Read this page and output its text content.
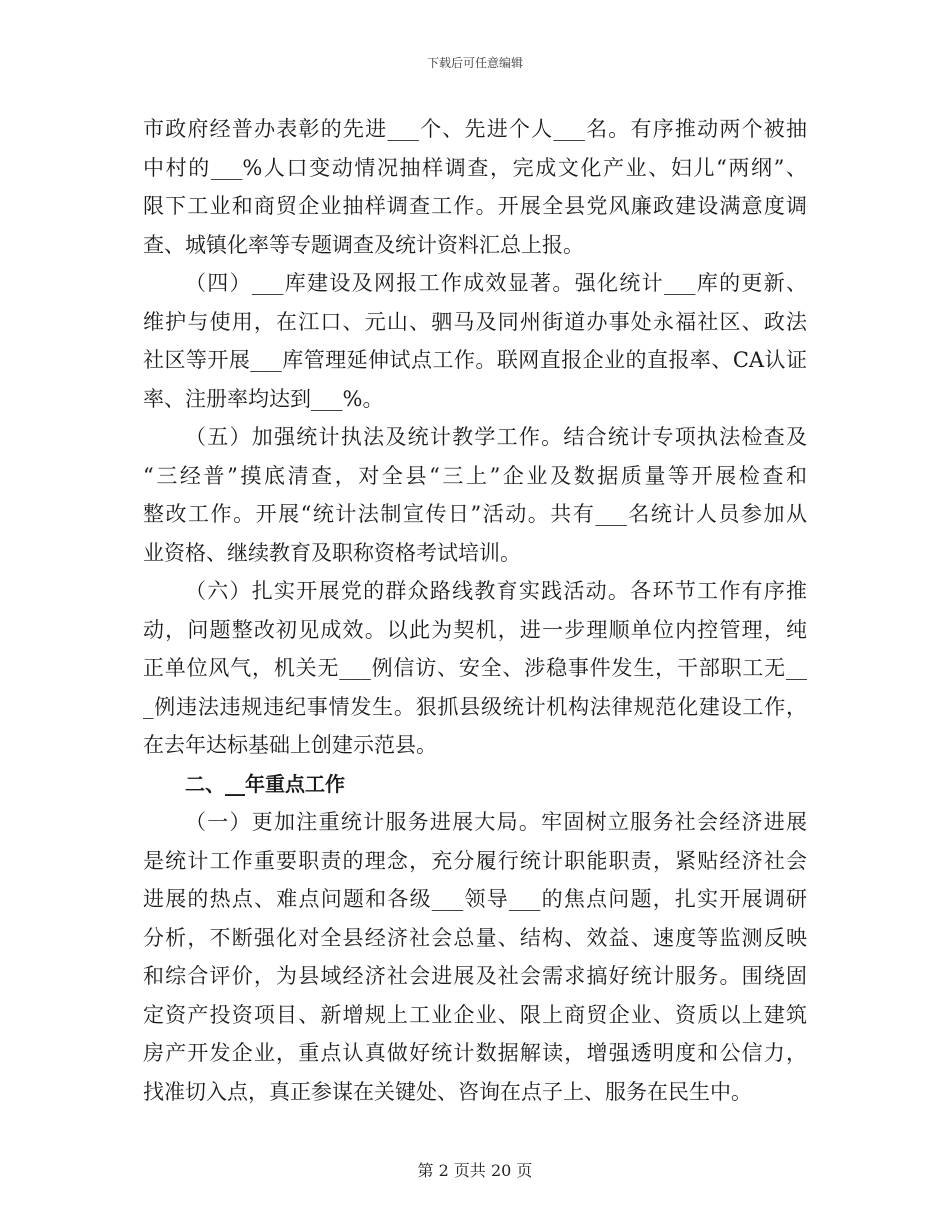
下载后可任意编辑
市政府经普办表彰的先进___个、先进个人___名。有序推动两个被抽
中村的___%人口变动情况抽样调查，完成文化产业、妇儿“两纲”、
限下工业和商贸企业抽样调查工作。开展全县党风廉政建设满意度调
查、城镇化率等专题调查及统计资料汇总上报。
（四）___库建设及网报工作成效显著。强化统计___库的更新、
维护与使用，在江口、元山、驷马及同州街道办事处永福社区、政法
社区等开展___库管理延伸试点工作。联网直报企业的直报率、CA认证
率、注册率均达到___%。
（五）加强统计执法及统计教学工作。结合统计专项执法检查及
“三经普”摸底清查，对全县“三上”企业及数据质量等开展检查和
整改工作。开展“统计法制宣传日”活动。共有___名统计人员参加从
业资格、继续教育及职称资格考试培训。
（六）扎实开展党的群众路线教育实践活动。各环节工作有序推
动，问题整改初见成效。以此为契机，进一步理顺单位内控管理，纯
正单位风气，机关无___例信访、安全、涉稳事件发生，干部职工无__
_例违法违规违纪事情发生。狠抓县级统计机构法律规范化建设工作，
在去年达标基础上创建示范县。
二、__年重点工作
（一）更加注重统计服务进展大局。牢固树立服务社会经济进展
是统计工作重要职责的理念，充分履行统计职能职责，紧贴经济社会
进展的热点、难点问题和各级___领导___的焦点问题，扎实开展调研
分析，不断强化对全县经济社会总量、结构、效益、速度等监测反映
和综合评价，为县域经济社会进展及社会需求搞好统计服务。围绕固
定资产投资项目、新增规上工业企业、限上商贸企业、资质以上建筑
房产开发企业，重点认真做好统计数据解读，增强透明度和公信力，
找准切入点，真正参谋在关键处、咨询在点子上、服务在民生中。
第 2 页共 20 页
